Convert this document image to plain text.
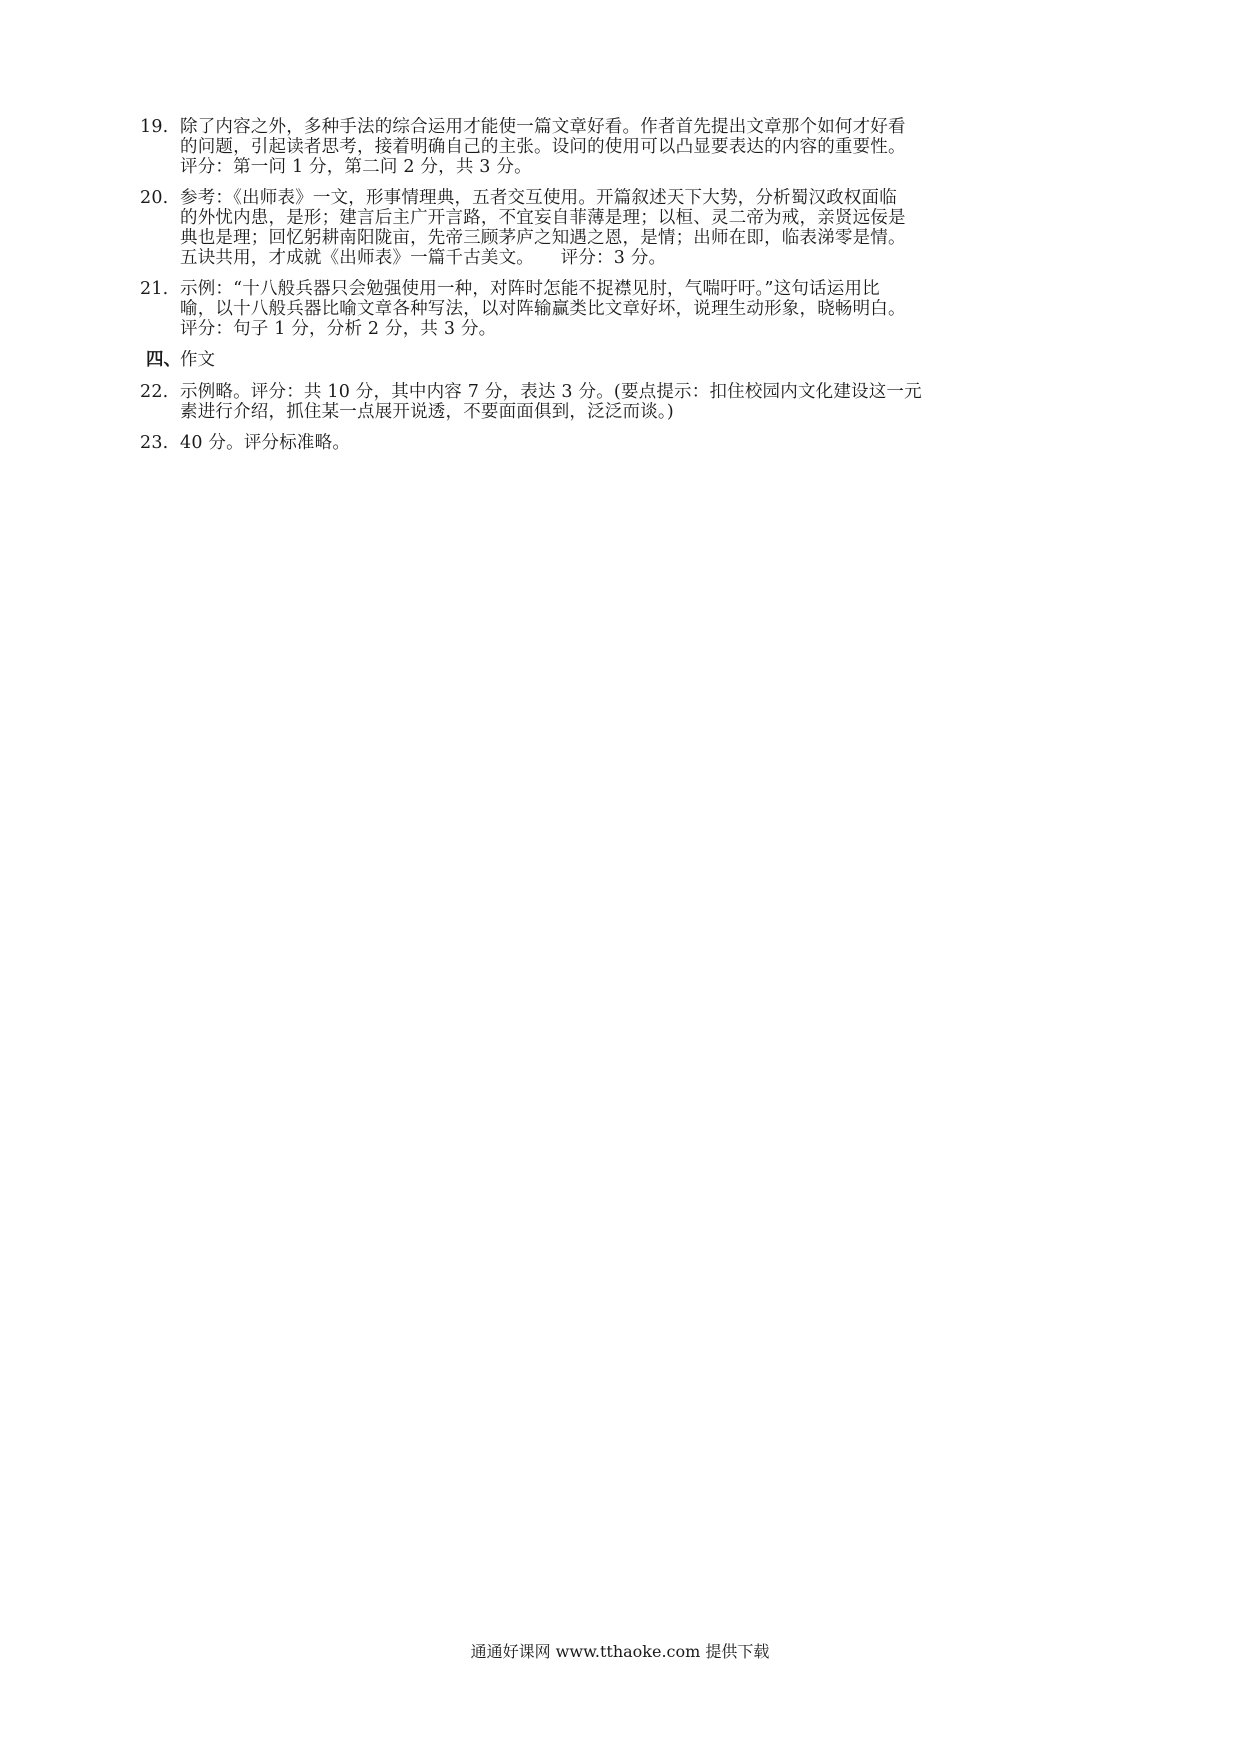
19. 除了内容之外，多种手法的综合运用才能使一篇文章好看。作者首先提出文章那个如何才好看
的问题，引起读者思考，接着明确自己的主张。设问的使用可以凸显要表达的内容的重要性。
评分：第一问 1 分，第二问 2 分，共 3 分。
20. 参考：《出师表》一文，形事情理典，五者交互使用。开篇叙述天下大势，分析蜀汉政权面临
的外忧内患，是形；建言后主广开言路，不宜妄自菲薄是理；以桓、灵二帝为戒，亲贤远佞是
典也是理；回忆躬耕南阳陇亩，先帝三顾茅庐之知遇之恩，是情；出师在即，临表涕零是情。
五诀共用，才成就《出师表》一篇千古美文。　　评分：3 分。
21. 示例：“十八般兵器只会勉强使用一种，对阵时怎能不捉襟见肘，气喘吁吁。”这句话运用比
喻，以十八般兵器比喻文章各种写法，以对阵输赢类比文章好坏，说理生动形象，晓畅明白。
评分：句子 1 分，分析 2 分，共 3 分。
四、 作文
22. 示例略。评分：共 10 分，其中内容 7 分，表达 3 分。(要点提示：扣住校园内文化建设这一元
素进行介绍，抓住某一点展开说透，不要面面俱到，泛泛而谈。)
23. 40 分。评分标准略。
通通好课网 www.tthaoke.com 提供下载
